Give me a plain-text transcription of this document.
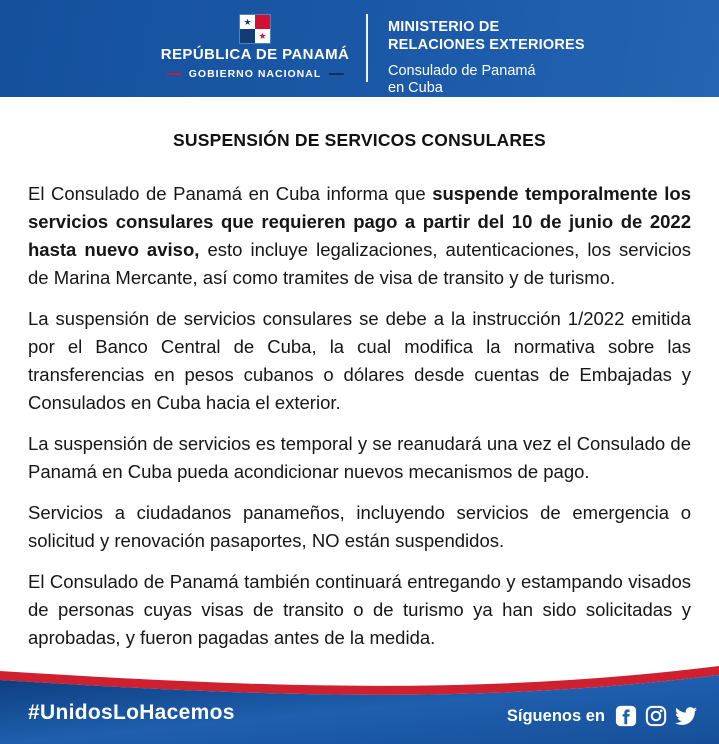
★
★
REPÚBLICA DE PANAMÁ
GOBIERNO NACIONAL
MINISTERIO DE
RELACIONES EXTERIORES
Consulado de Panamá
en Cuba
SUSPENSIÓN DE SERVICOS CONSULARES

El Consulado de Panamá en Cuba informa que suspende temporalmente los servicios consulares que requieren pago a partir del 10 de junio de 2022 hasta nuevo aviso, esto incluye legalizaciones, autenticaciones, los servicios de Marina Mercante, así como tramites de visa de transito y de turismo.

La suspensión de servicios consulares se debe a la instrucción 1/2022 emitida por el Banco Central de Cuba, la cual modifica la normativa sobre las transferencias en pesos cubanos o dólares desde cuentas de Embajadas y Consulados en Cuba hacia el exterior.

La suspensión de servicios es temporal y se reanudará una vez el Consulado de Panamá en Cuba pueda acondicionar nuevos mecanismos de pago.

Servicios a ciudadanos panameños, incluyendo servicios de emergencia o solicitud y renovación pasaportes, NO están suspendidos.

El Consulado de Panamá también continuará entregando y estampando visados de personas cuyas visas de transito o de turismo ya han sido solicitadas y aprobadas, y fueron pagadas antes de la medida.

#UnidosLoHacemos	Síguenos en
